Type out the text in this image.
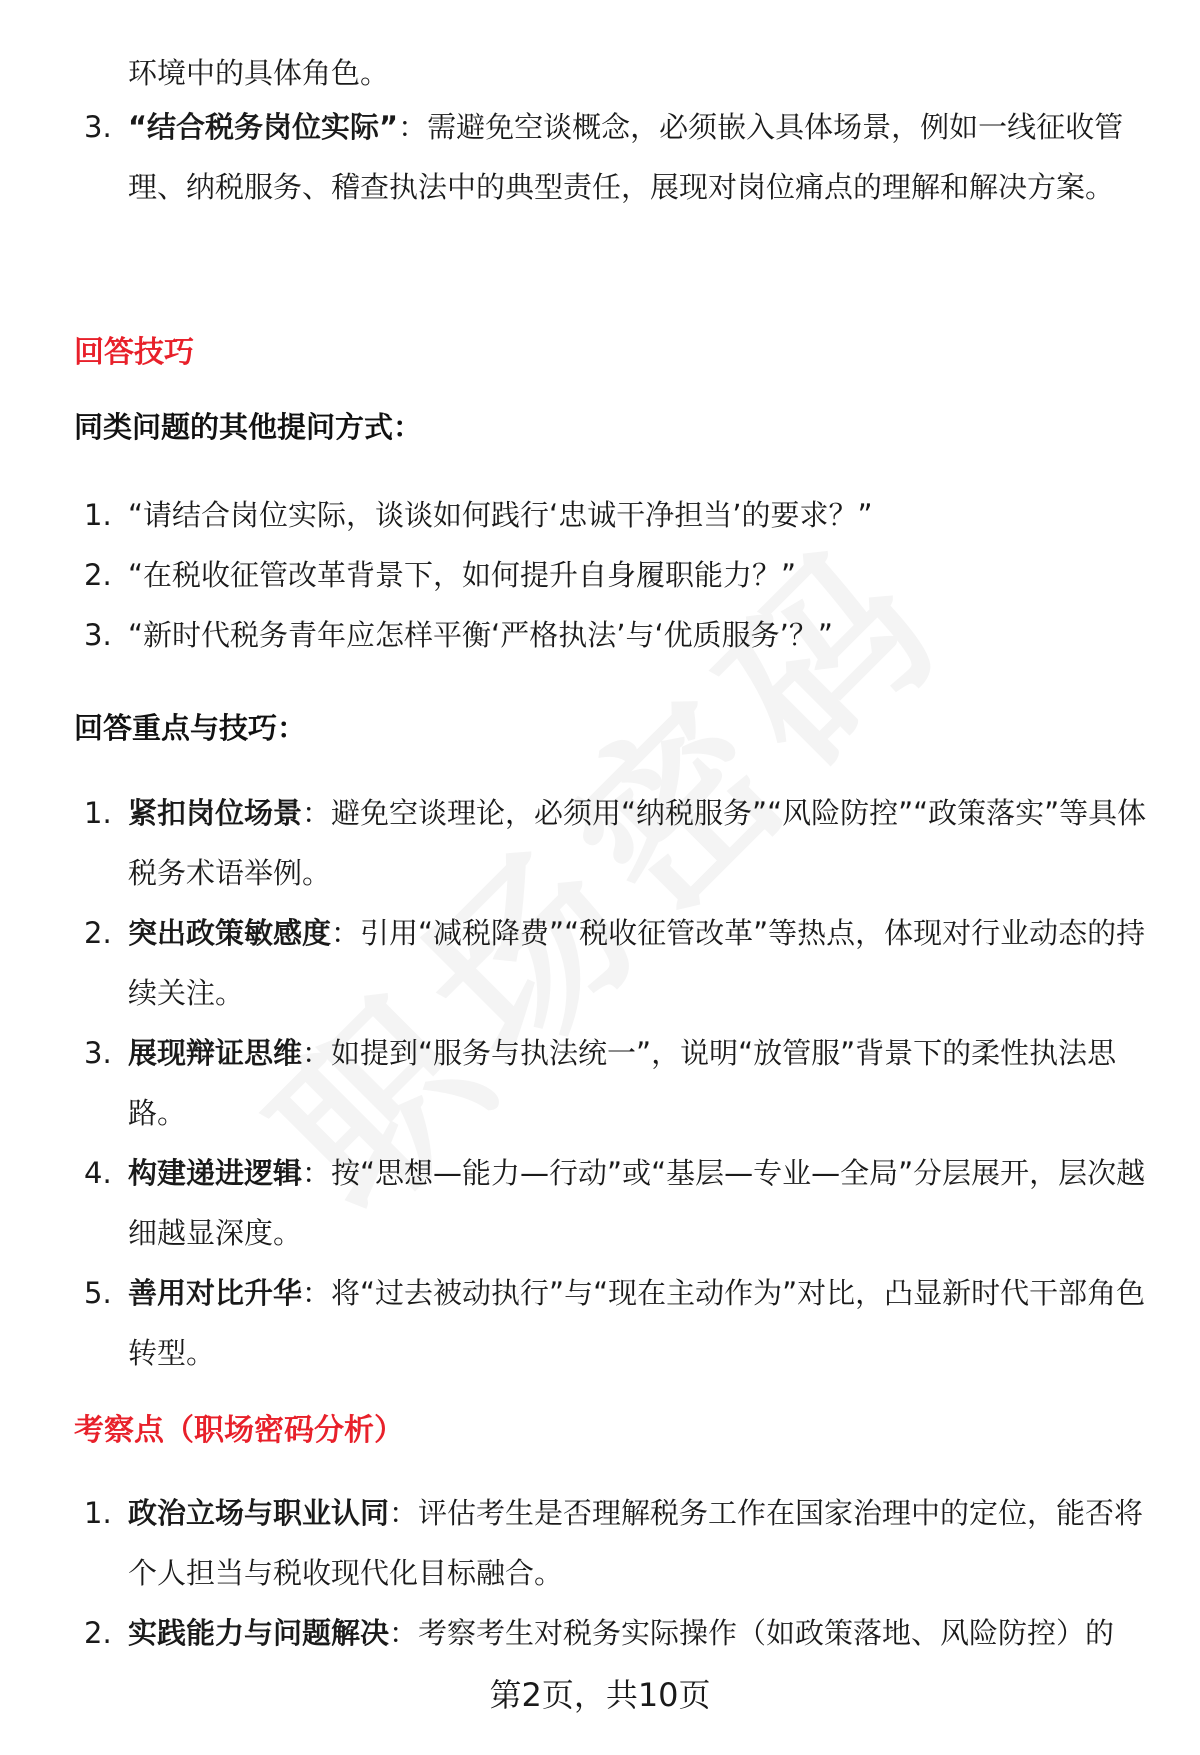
环境中的具体角色。
3. “结合税务岗位实际”：需避免空谈概念，必须嵌入具体场景，例如一线征收管理、纳税服务、稽查执法中的典型责任，展现对岗位痛点的理解和解决方案。
回答技巧
同类问题的其他提问方式：
1. “请结合岗位实际，谈谈如何践行‘忠诚干净担当’的要求？”
2. “在税收征管改革背景下，如何提升自身履职能力？”
3. “新时代税务青年应怎样平衡‘严格执法’与‘优质服务’？”
回答重点与技巧：
1. 紧扣岗位场景：避免空谈理论，必须用“纳税服务”“风险防控”“政策落实”等具体税务术语举例。
2. 突出政策敏感度：引用“减税降费”“税收征管改革”等热点，体现对行业动态的持续关注。
3. 展现辩证思维：如提到“服务与执法统一”，说明“放管服”背景下的柔性执法思路。
4. 构建递进逻辑：按“思想—能力—行动”或“基层—专业—全局”分层展开，层次越细越显深度。
5. 善用对比升华：将“过去被动执行”与“现在主动作为”对比，凸显新时代干部角色转型。
考察点（职场密码分析）
1. 政治立场与职业认同：评估考生是否理解税务工作在国家治理中的定位，能否将个人担当与税收现代化目标融合。
2. 实践能力与问题解决：考察考生对税务实际操作（如政策落地、风险防控）的
第2页，共10页
